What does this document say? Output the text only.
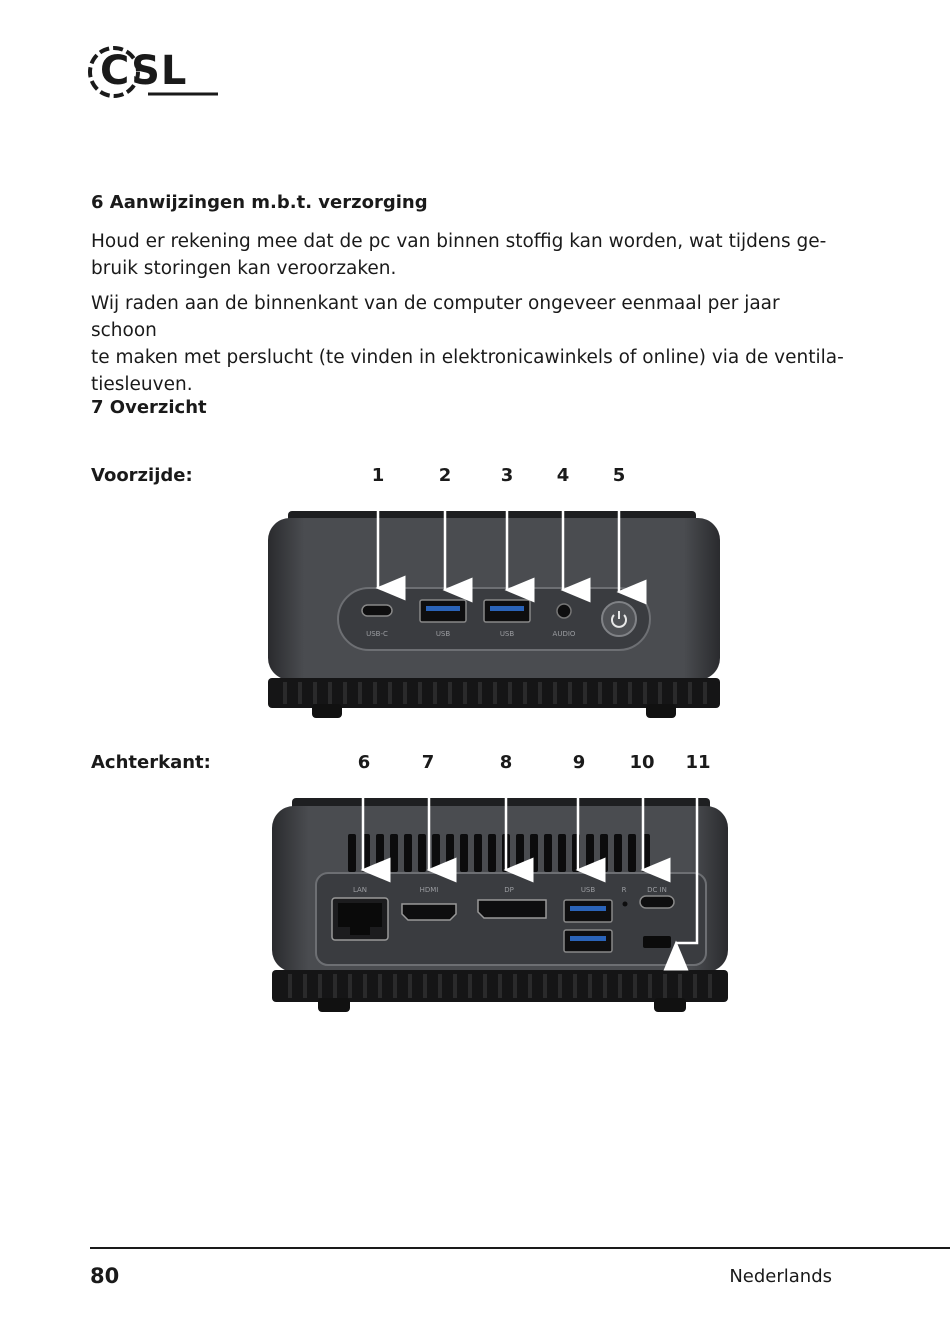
CSL
6 Aanwijzingen m.b.t. verzorging
Houd er rekening mee dat de pc van binnen stoffig kan worden, wat tijdens ge-
bruik storingen kan veroorzaken.
Wij raden aan de binnenkant van de computer ongeveer eenmaal per jaar schoon
te maken met perslucht (te vinden in elektronicawinkels of online) via de ventila-
tiesleuven.
7 Overzicht
Voorzijde:	1	2	3 4 5
USB-C	USB	USB	AUDIO
LAN	HDMI	DP	USB	R	DC IN
Achterkant:	6	7	8	9 10 11
80	Nederlands
